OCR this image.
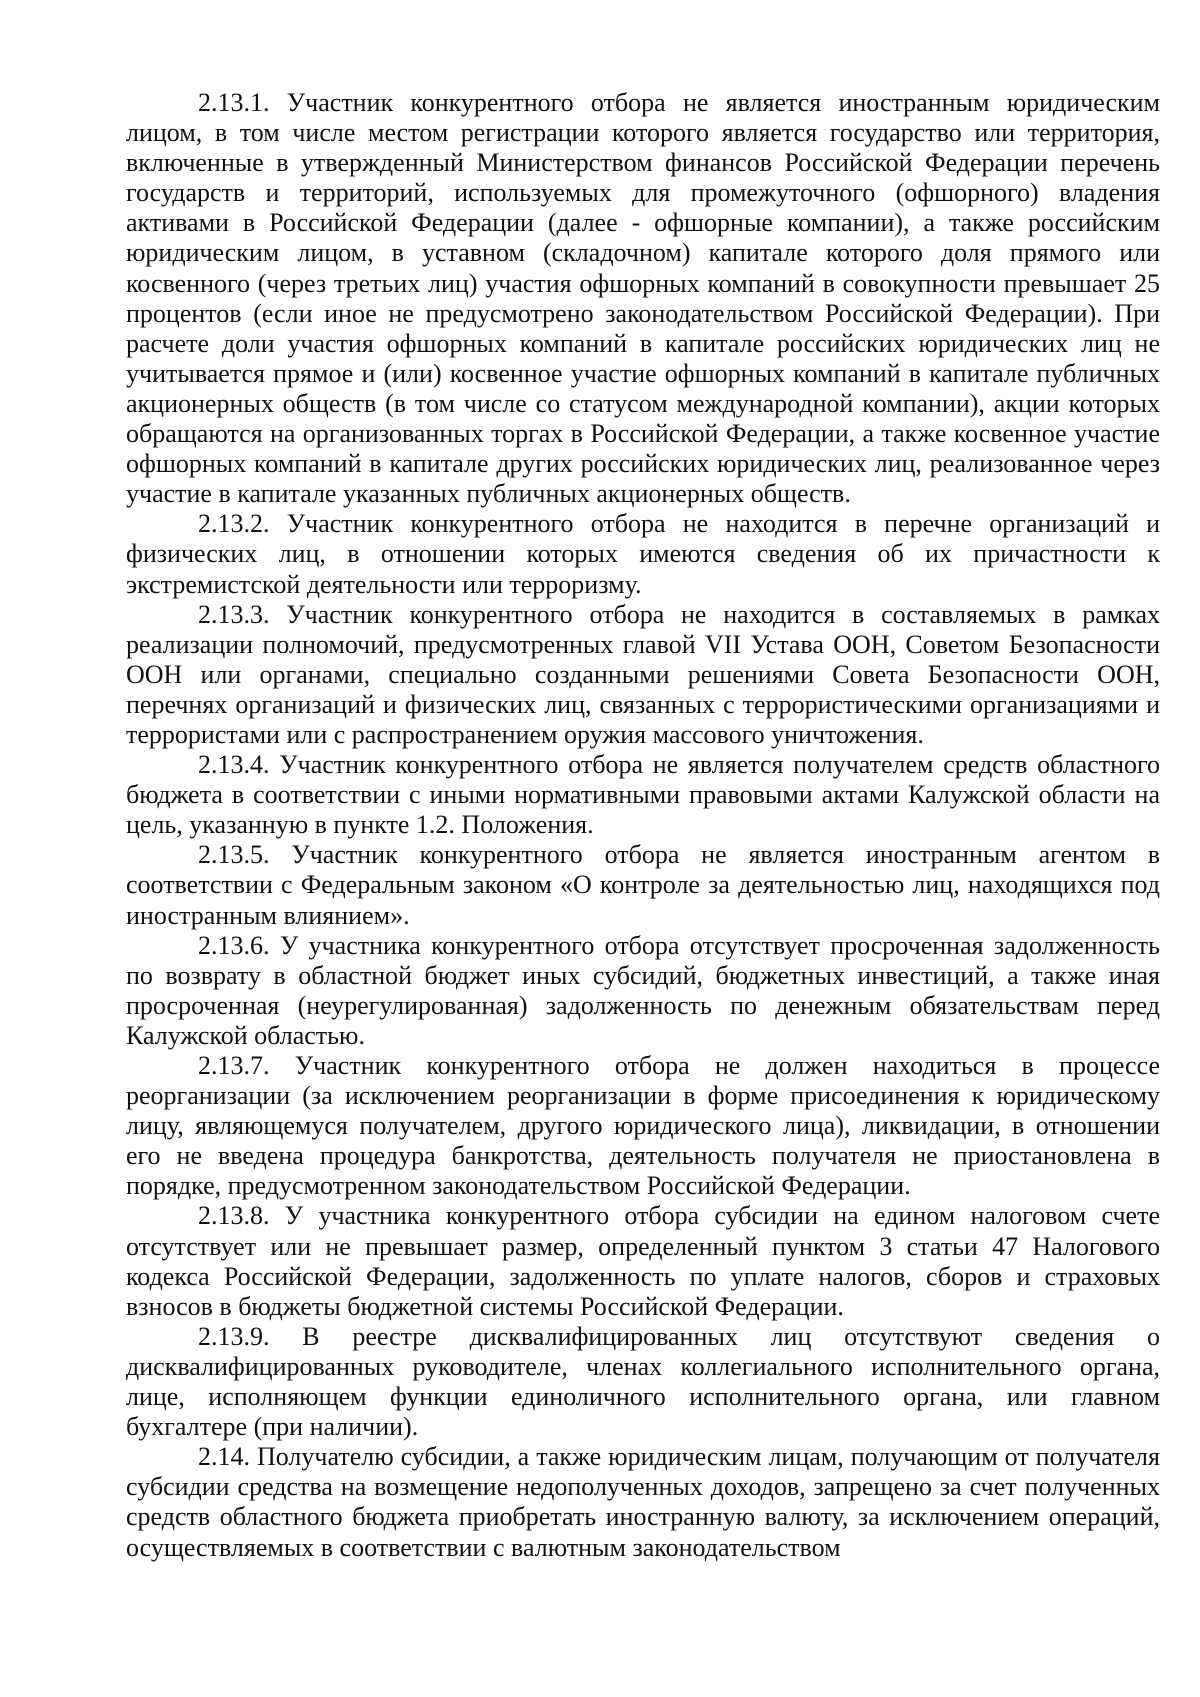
2.13.1. Участник конкурентного отбора не является иностранным юридическим лицом, в том числе местом регистрации которого является государство или территория, включенные в утвержденный Министерством финансов Российской Федерации перечень государств и территорий, используемых для промежуточного (офшорного) владения активами в Российской Федерации (далее - офшорные компании), а также российским юридическим лицом, в уставном (складочном) капитале которого доля прямого или косвенного (через третьих лиц) участия офшорных компаний в совокупности превышает 25 процентов (если иное не предусмотрено законодательством Российской Федерации). При расчете доли участия офшорных компаний в капитале российских юридических лиц не учитывается прямое и (или) косвенное участие офшорных компаний в капитале публичных акционерных обществ (в том числе со статусом международной компании), акции которых обращаются на организованных торгах в Российской Федерации, а также косвенное участие офшорных компаний в капитале других российских юридических лиц, реализованное через участие в капитале указанных публичных акционерных обществ.

2.13.2. Участник конкурентного отбора не находится в перечне организаций и физических лиц, в отношении которых имеются сведения об их причастности к экстремистской деятельности или терроризму.

2.13.3. Участник конкурентного отбора не находится в составляемых в рамках реализации полномочий, предусмотренных главой VII Устава ООН, Советом Безопасности ООН или органами, специально созданными решениями Совета Безопасности ООН, перечнях организаций и физических лиц, связанных с террористическими организациями и террористами или с распространением оружия массового уничтожения.

2.13.4. Участник конкурентного отбора не является получателем средств областного бюджета в соответствии с иными нормативными правовыми актами Калужской области на цель, указанную в пункте 1.2. Положения.

2.13.5. Участник конкурентного отбора не является иностранным агентом в соответствии с Федеральным законом «О контроле за деятельностью лиц, находящихся под иностранным влиянием».

2.13.6. У участника конкурентного отбора отсутствует просроченная задолженность по возврату в областной бюджет иных субсидий, бюджетных инвестиций, а также иная просроченная (неурегулированная) задолженность по денежным обязательствам перед Калужской областью.

2.13.7. Участник конкурентного отбора не должен находиться в процессе реорганизации (за исключением реорганизации в форме присоединения к юридическому лицу, являющемуся получателем, другого юридического лица), ликвидации, в отношении его не введена процедура банкротства, деятельность получателя не приостановлена в порядке, предусмотренном законодательством Российской Федерации.

2.13.8. У участника конкурентного отбора субсидии на едином налоговом счете отсутствует или не превышает размер, определенный пунктом 3 статьи 47 Налогового кодекса Российской Федерации, задолженность по уплате налогов, сборов и страховых взносов в бюджеты бюджетной системы Российской Федерации.

2.13.9. В реестре дисквалифицированных лиц отсутствуют сведения о дисквалифицированных руководителе, членах коллегиального исполнительного органа, лице, исполняющем функции единоличного исполнительного органа, или главном бухгалтере (при наличии).

2.14. Получателю субсидии, а также юридическим лицам, получающим от получателя субсидии средства на возмещение недополученных доходов, запрещено за счет полученных средств областного бюджета приобретать иностранную валюту, за исключением операций, осуществляемых в соответствии с валютным законодательством
